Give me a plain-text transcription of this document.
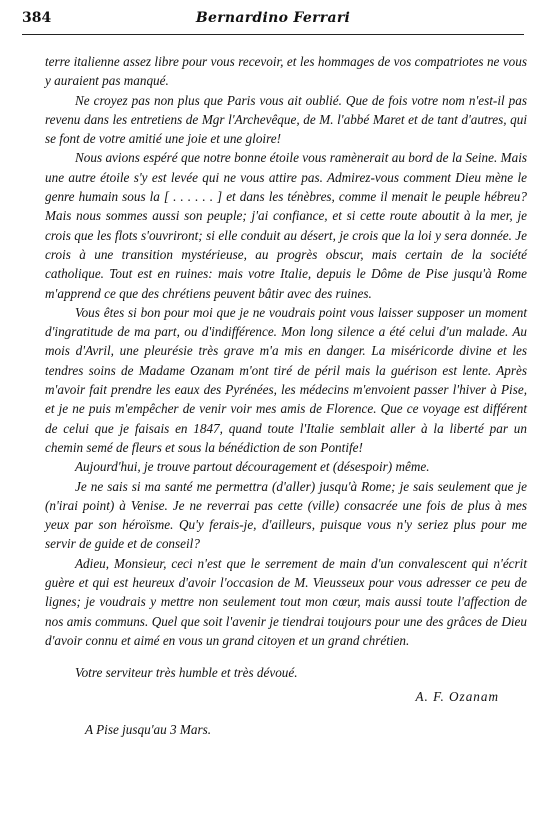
384	Bernardino Ferrari

terre italienne assez libre pour vous recevoir, et les hommages de vos compatriotes ne vous y auraient pas manqué.

Ne croyez pas non plus que Paris vous ait oublié. Que de fois votre nom n'est-il pas revenu dans les entretiens de Mgr l'Archevêque, de M. l'abbé Maret et de tant d'autres, qui se font de votre amitié une joie et une gloire!

Nous avions espéré que notre bonne étoile vous ramènerait au bord de la Seine. Mais une autre étoile s'y est levée qui ne vous attire pas. Admirez-vous comment Dieu mène le genre humain sous la [ . . . . . . ] et dans les ténèbres, comme il menait le peuple hébreu? Mais nous sommes aussi son peuple; j'ai confiance, et si cette route aboutit à la mer, je crois que les flots s'ouvriront; si elle conduit au désert, je crois que la loi y sera donnée. Je crois à une transition mystérieuse, au progrès obscur, mais certain de la société catholique. Tout est en ruines: mais votre Italie, depuis le Dôme de Pise jusqu'à Rome m'apprend ce que des chrétiens peuvent bâtir avec des ruines.

Vous êtes si bon pour moi que je ne voudrais point vous laisser supposer un moment d'ingratitude de ma part, ou d'indifférence. Mon long silence a été celui d'un malade. Au mois d'Avril, une pleurésie très grave m'a mis en danger. La miséricorde divine et les tendres soins de Madame Ozanam m'ont tiré de péril mais la guérison est lente. Après m'avoir fait prendre les eaux des Pyrénées, les médecins m'envoient passer l'hiver à Pise, et je ne puis m'empêcher de venir voir mes amis de Florence. Que ce voyage est différent de celui que je faisais en 1847, quand toute l'Italie semblait aller à la liberté par un chemin semé de fleurs et sous la bénédiction de son Pontife!

Aujourd'hui, je trouve partout découragement et (désespoir) même.

Je ne sais si ma santé me permettra (d'aller) jusqu'à Rome; je sais seulement que je (n'irai point) à Venise. Je ne reverrai pas cette (ville) consacrée une fois de plus à mes yeux par son héroïsme. Qu'y ferais-je, d'ailleurs, puisque vous n'y seriez plus pour me servir de guide et de conseil?

Adieu, Monsieur, ceci n'est que le serrement de main d'un convalescent qui n'écrit guère et qui est heureux d'avoir l'occasion de M. Vieusseux pour vous adresser ce peu de lignes; je voudrais y mettre non seulement tout mon cœur, mais aussi toute l'affection de nos amis communs. Quel que soit l'avenir je tiendrai toujours pour une des grâces de Dieu d'avoir connu et aimé en vous un grand citoyen et un grand chrétien.

Votre serviteur très humble et très dévoué.

A. F. Ozanam

A Pise jusqu'au 3 Mars.
